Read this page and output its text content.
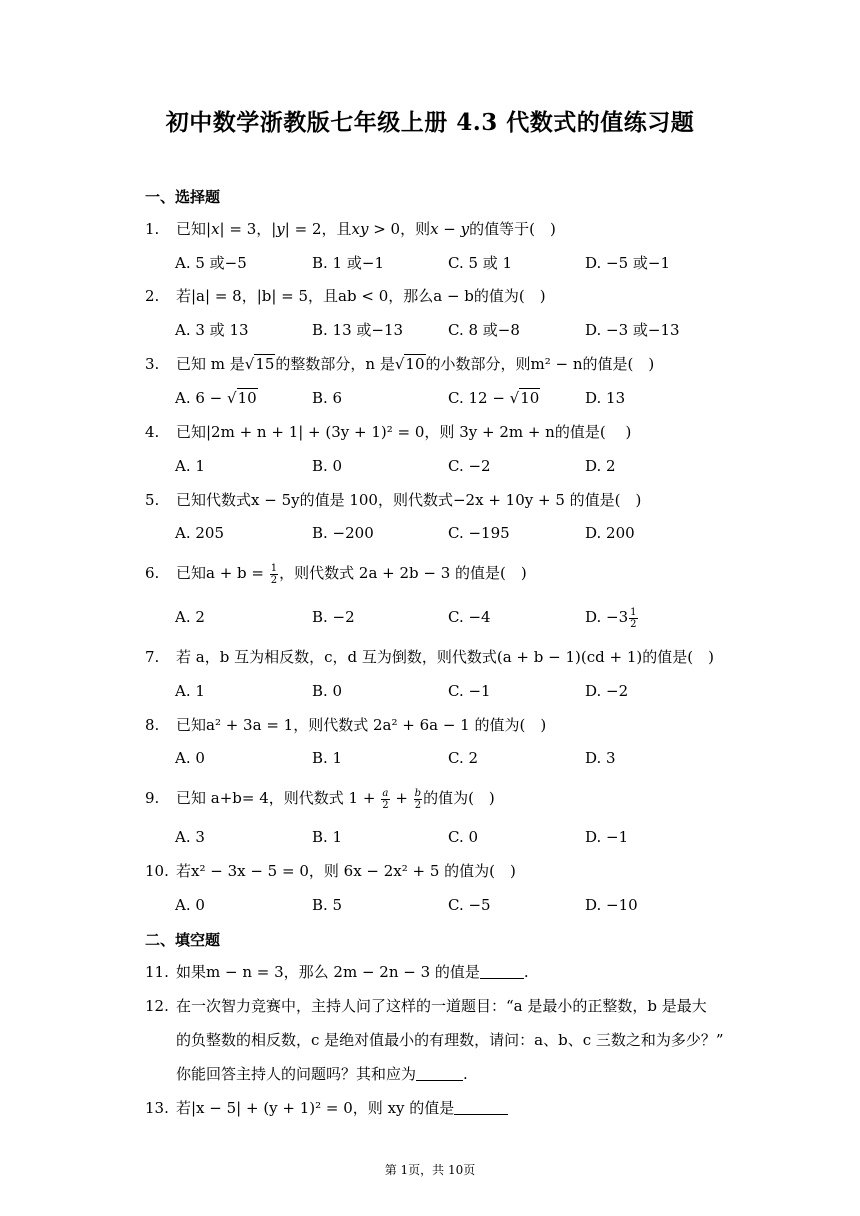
初中数学浙教版七年级上册 4.3 代数式的值练习题
一、选择题
1. 已知|x| = 3，|y| = 2，且xy > 0，则x − y的值等于(　)
A. 5 或−5	B. 1 或−1	C. 5 或 1	D. −5 或−1
2. 若|a| = 8，|b| = 5，且ab < 0，那么a − b的值为(　)
A. 3 或 13	B. 13 或−13	C. 8 或−8	D. −3 或−13
3. 已知 m 是√15的整数部分，n 是√10的小数部分，则m² − n的值是(　)
A. 6 − √10	B. 6	C. 12 − √10	D. 13
4. 已知|2m + n + 1| + (3y + 1)² = 0，则 3y + 2m + n的值是(　 )
A. 1	B. 0	C. −2	D. 2
5. 已知代数式x − 5y的值是 100，则代数式−2x + 10y + 5 的值是(　)
A. 205	B. −200	C. −195	D. 200
6. 已知$a + b = \frac{1}{2}$ ，则代数式 2a + 2b − 3 的值是(　)
A. 2	B. −2	C. −4	D. $-3 \frac{1}{2}$
7. 若 a，b 互为相反数，c，d 互为倒数，则代数式(a + b − 1)(cd + 1)的值是(　)
A. 1	B. 0	C. −1	D. −2
8. 已知a² + 3a = 1，则代数式 2a² + 6a − 1 的值为(　)
A. 0	B. 1	C. 2	D. 3
9. 已知 a+b= 4，则代数式 $1 + \frac{a}{2} + \frac{b}{2}$ 的值为(　)
A. 3	B. 1	C. 0	D. −1
10. 若x² − 3x − 5 = 0，则 6x − 2x² + 5 的值为(　)
A. 0	B. 5	C. −5	D. −10
二、填空题
11. 如果m − n = 3，那么 2m − 2n − 3 的值是	.
12. 在一次智力竞赛中，主持人问了这样的一道题目：“a 是最小的正整数，b 是最大
的负整数的相反数，c 是绝对值最小的有理数，请问：a、b、c 三数之和为多少？”
你能回答主持人的问题吗？其和应为	.
13. 若|x − 5| + (y + 1)² = 0，则 xy 的值是
第 1页，共 10页
